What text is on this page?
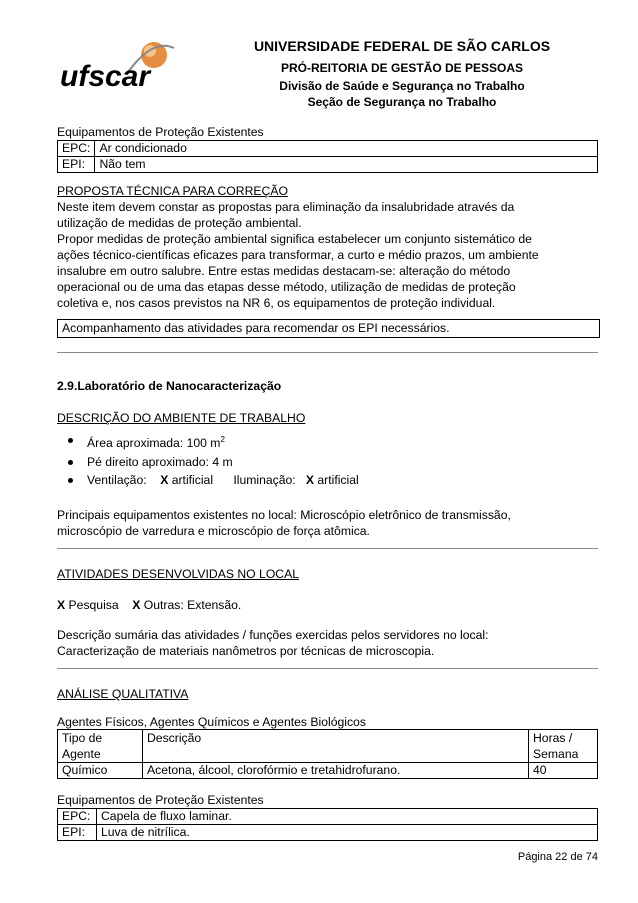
ufscar
UNIVERSIDADE FEDERAL DE SÃO CARLOS
PRÓ-REITORIA DE GESTÃO DE PESSOAS
Divisão de Saúde e Segurança no Trabalho
Seção de Segurança no Trabalho
Equipamentos de Proteção Existentes
EPC:	Ar condicionado
EPI:	Não tem
PROPOSTA TÉCNICA PARA CORREÇÃO
Neste item devem constar as propostas para eliminação da insalubridade através da
utilização de medidas de proteção ambiental.
Propor medidas de proteção ambiental significa estabelecer um conjunto sistemático de
ações técnico-científicas eficazes para transformar, a curto e médio prazos, um ambiente
insalubre em outro salubre. Entre estas medidas destacam-se: alteração do método
operacional ou de uma das etapas desse método, utilização de medidas de proteção
coletiva e, nos casos previstos na NR 6, os equipamentos de proteção individual.
Acompanhamento das atividades para recomendar os EPI necessários.
2.9.Laboratório de Nanocaracterização
DESCRIÇÃO DO AMBIENTE DE TRABALHO
Área aproximada: 100 $m^2$
Pé direito aproximado: 4 m
Ventilação: X artificial Iluminação: X artificial
Principais equipamentos existentes no local: Microscópio eletrônico de transmissão,
microscópio de varredura e microscópio de força atômica.
ATIVIDADES DESENVOLVIDAS NO LOCAL
X Pesquisa X Outras: Extensão.
Descrição sumária das atividades / funções exercidas pelos servidores no local:
Caracterização de materiais nanômetros por técnicas de microscopia.
ANÁLISE QUALITATIVA
Agentes Físicos, Agentes Químicos e Agentes Biológicos
Tipo de Agente	Descrição	Horas / Semana
Químico	Acetona, álcool, clorofórmio e tretahidrofurano.	40
Equipamentos de Proteção Existentes
EPC:	Capela de fluxo laminar.
EPI:	Luva de nitrílica.
Página 22 de 74
